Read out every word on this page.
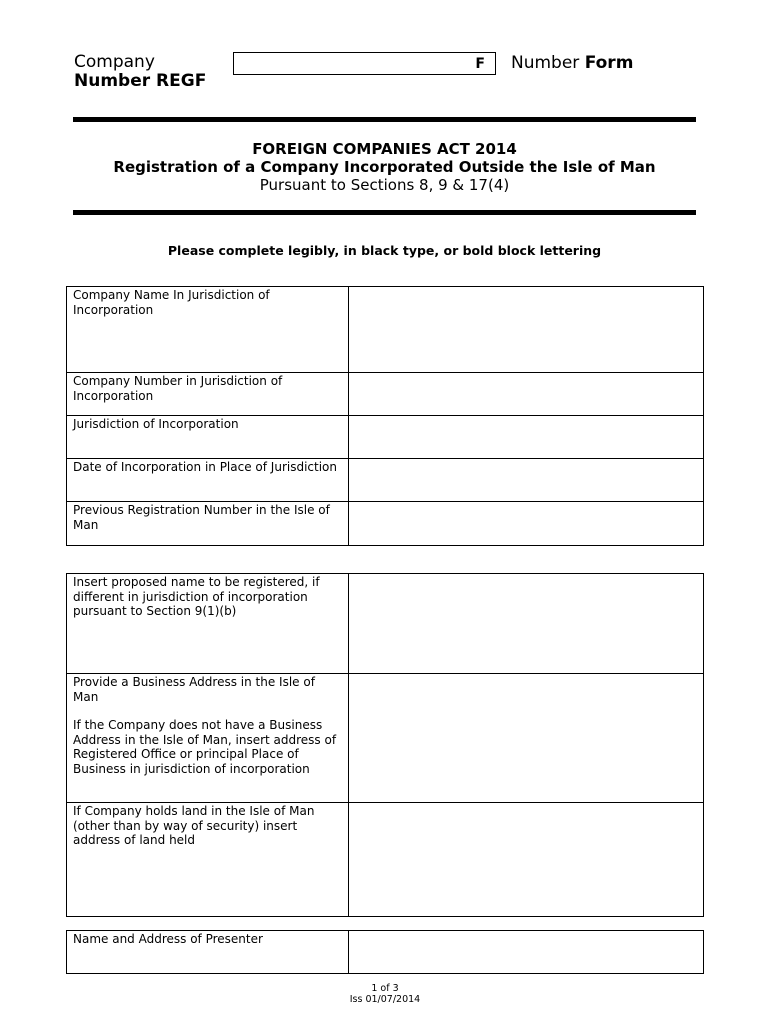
Company
Number REGF
F Number Form
FOREIGN COMPANIES ACT 2014
Registration of a Company Incorporated Outside the Isle of Man
Pursuant to Sections 8, 9 & 17(4)
Please complete legibly, in black type, or bold block lettering
Company Name In Jurisdiction of Incorporation	
Company Number in Jurisdiction of Incorporation	
Jurisdiction of Incorporation	
Date of Incorporation in Place of Jurisdiction	
Previous Registration Number in the Isle of Man	
Insert proposed name to be registered, if different in jurisdiction of incorporation pursuant to Section 9(1)(b)	

Provide a Business Address in the Isle of Man

If the Company does not have a Business Address in the Isle of Man, insert address of Registered Office or principal Place of Business in jurisdiction of incorporation	

If Company holds land in the Isle of Man (other than by way of security) insert address of land held	
Name and Address of Presenter	
1 of 3
Iss 01/07/2014
